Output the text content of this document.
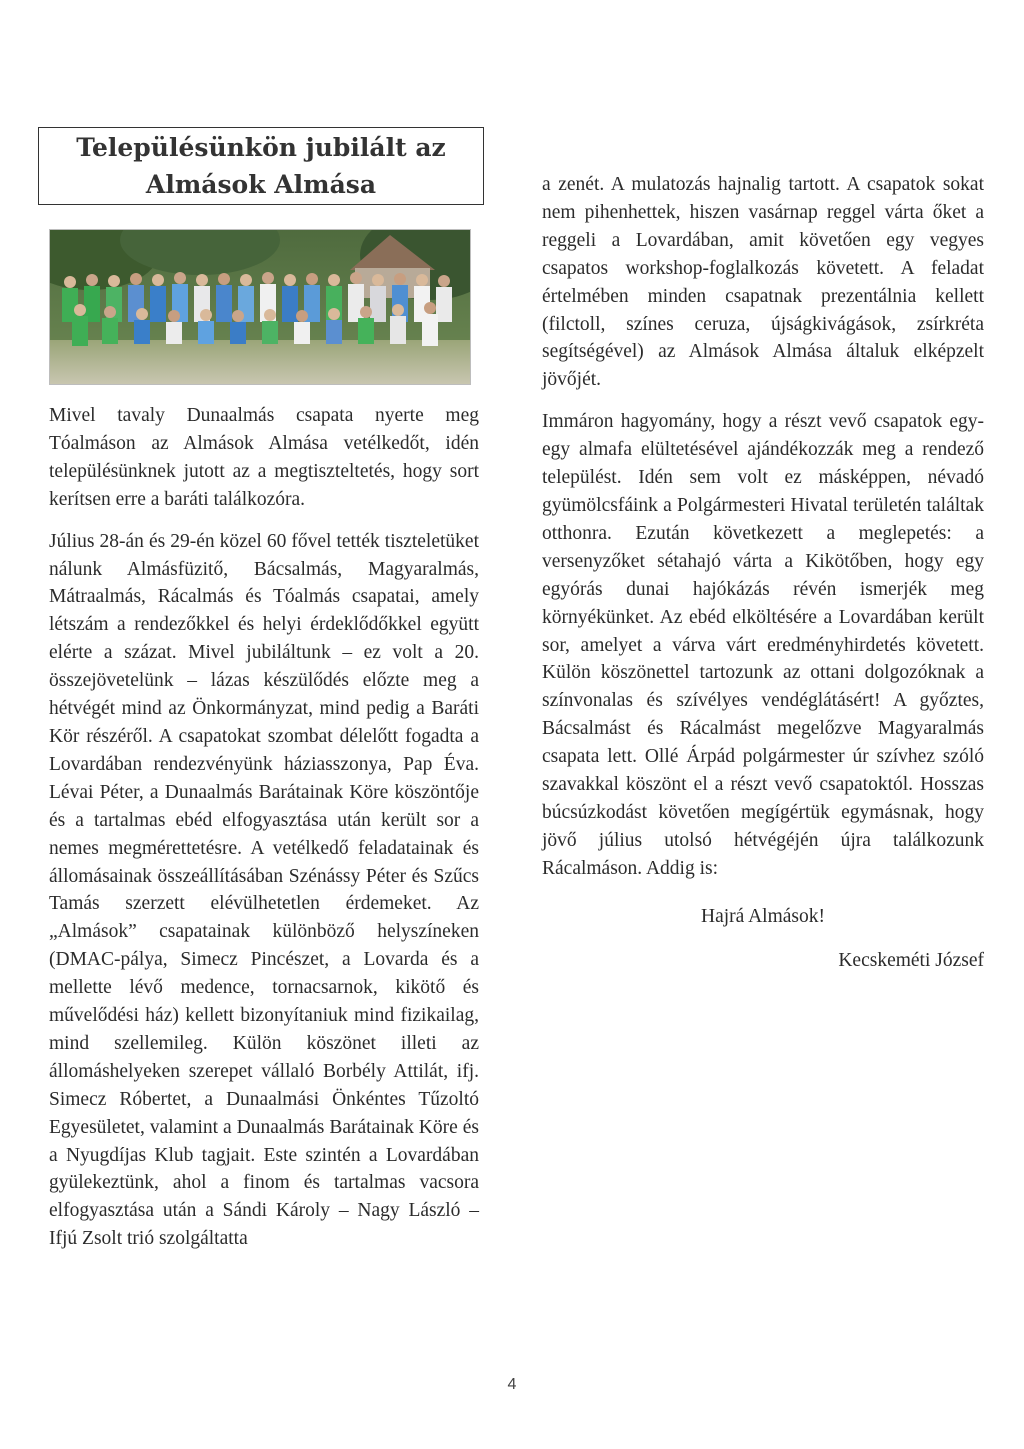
Településünkön jubilált az Almások Almása

Mivel tavaly Dunaalmás csapata nyerte meg Tóalmáson az Almások Almása vetélkedőt, idén településünknek jutott az a megtiszteltetés, hogy sort kerítsen erre a baráti találkozóra.

Július 28-án és 29-én közel 60 fővel tették tiszteletüket nálunk Almásfüzitő, Bácsalmás, Magyaralmás, Mátraalmás, Rácalmás és Tóalmás csapatai, amely létszám a rendezőkkel és helyi érdeklődőkkel együtt elérte a százat. Mivel jubiláltunk – ez volt a 20. összejövetelünk – lázas készülődés előzte meg a hétvégét mind az Önkormányzat, mind pedig a Baráti Kör részéről. A csapatokat szombat délelőtt fogadta a Lovardában rendezvényünk háziasszonya, Pap Éva. Lévai Péter, a Dunaalmás Barátainak Köre köszöntője és a tartalmas ebéd elfogyasztása után került sor a nemes megmérettetésre. A vetélkedő feladatainak és állomásainak összeállításában Szénássy Péter és Szűcs Tamás szerzett elévülhetetlen érdemeket. Az „Almások” csapatainak különböző helyszíneken (DMAC-pálya, Simecz Pincészet, a Lovarda és a mellette lévő medence, tornacsarnok, kikötő és művelődési ház) kellett bizonyítaniuk mind fizikailag, mind szellemileg. Külön köszönet illeti az állomáshelyeken szerepet vállaló Borbély Attilát, ifj. Simecz Róbertet, a Dunaalmási Önkéntes Tűzoltó Egyesületet, valamint a Dunaalmás Barátainak Köre és a Nyugdíjas Klub tagjait. Este szintén a Lovardában gyülekeztünk, ahol a finom és tartalmas vacsora elfogyasztása után a Sándi Károly – Nagy László – Ifjú Zsolt trió szolgáltatta

a zenét. A mulatozás hajnalig tartott. A csapatok sokat nem pihenhettek, hiszen vasárnap reggel várta őket a reggeli a Lovardában, amit követően egy vegyes csapatos workshop-foglalkozás követett. A feladat értelmében minden csapatnak prezentálnia kellett (filctoll, színes ceruza, újságkivágások, zsírkréta segítségével) az Almások Almása általuk elképzelt jövőjét.

Immáron hagyomány, hogy a részt vevő csapatok egy-egy almafa elültetésével ajándékozzák meg a rendező települést. Idén sem volt ez másképpen, névadó gyümölcsfáink a Polgármesteri Hivatal területén találtak otthonra. Ezután következett a meglepetés: a versenyzőket sétahajó várta a Kikötőben, hogy egy egyórás dunai hajókázás révén ismerjék meg környékünket. Az ebéd elköltésére a Lovardában került sor, amelyet a várva várt eredményhirdetés követett. Külön köszönettel tartozunk az ottani dolgozóknak a színvonalas és szívélyes vendéglátásért! A győztes, Bácsalmást és Rácalmást megelőzve Magyaralmás csapata lett. Ollé Árpád polgármester úr szívhez szóló szavakkal köszönt el a részt vevő csapatoktól. Hosszas búcsúzkodást követően megígértük egymásnak, hogy jövő július utolsó hétvégéjén újra találkozunk Rácalmáson. Addig is:

Hajrá Almások!

Kecskeméti József

4
